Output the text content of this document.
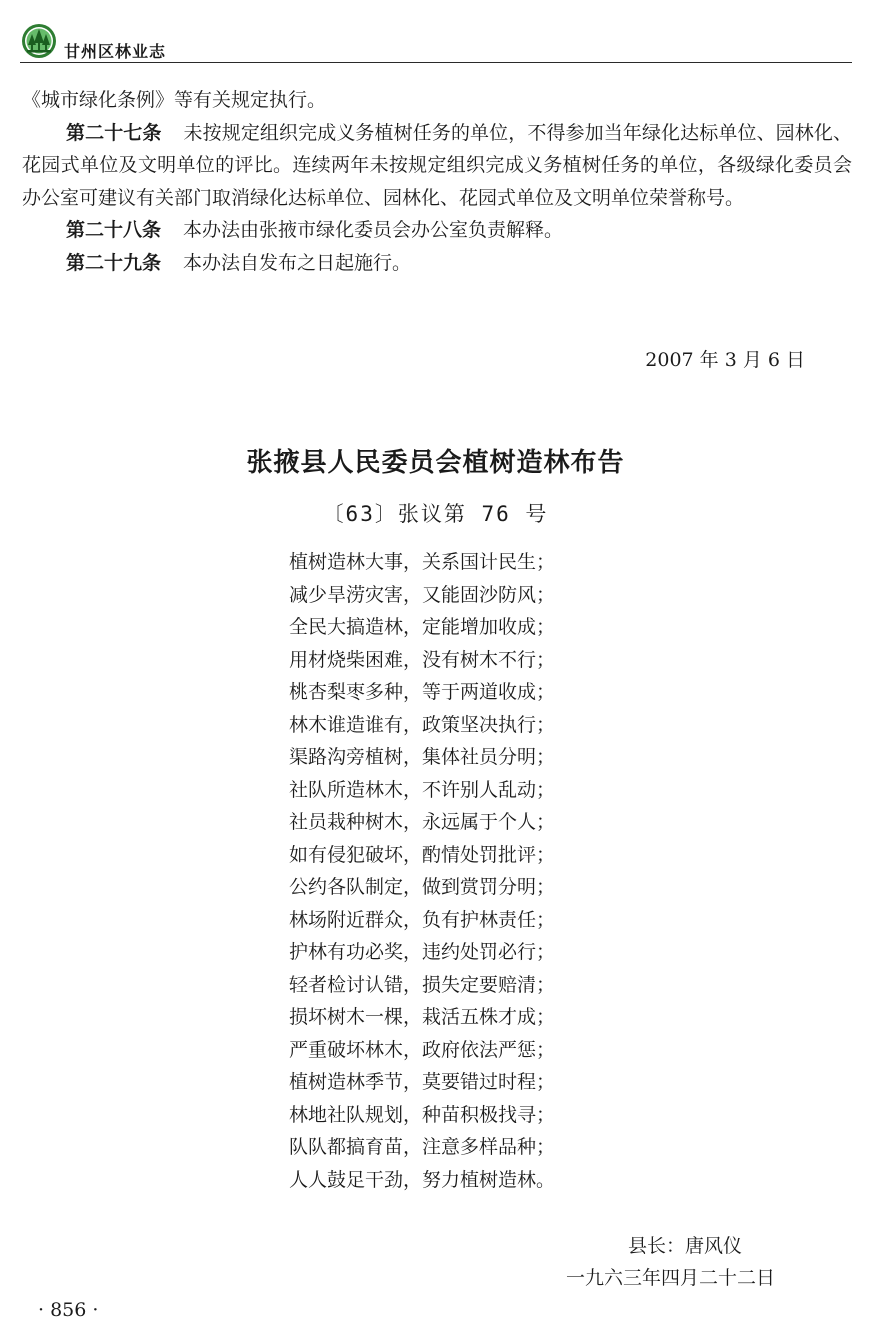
甘州区林业志

《城市绿化条例》等有关规定执行。

第二十七条 未按规定组织完成义务植树任务的单位，不得参加当年绿化达标单位、园林化、花园式单位及文明单位的评比。连续两年未按规定组织完成义务植树任务的单位，各级绿化委员会办公室可建议有关部门取消绿化达标单位、园林化、花园式单位及文明单位荣誉称号。

第二十八条 本办法由张掖市绿化委员会办公室负责解释。

第二十九条 本办法自发布之日起施行。

2007 年 3 月 6 日
张掖县人民委员会植树造林布告
〔63〕张议第 76 号
植树造林大事，关系国计民生；
减少旱涝灾害，又能固沙防风；
全民大搞造林，定能增加收成；
用材烧柴困难，没有树木不行；
桃杏梨枣多种，等于两道收成；
林木谁造谁有，政策坚决执行；
渠路沟旁植树，集体社员分明；
社队所造林木，不许别人乱动；
社员栽种树木，永远属于个人；
如有侵犯破坏，酌情处罚批评；
公约各队制定，做到赏罚分明；
林场附近群众，负有护林责任；
护林有功必奖，违约处罚必行；
轻者检讨认错，损失定要赔清；
损坏树木一棵，栽活五株才成；
严重破坏林木，政府依法严惩；
植树造林季节，莫要错过时程；
林地社队规划，种苗积极找寻；
队队都搞育苗，注意多样品种；
人人鼓足干劲，努力植树造林。
县长：唐风仪
一九六三年四月二十二日
· 856 ·
